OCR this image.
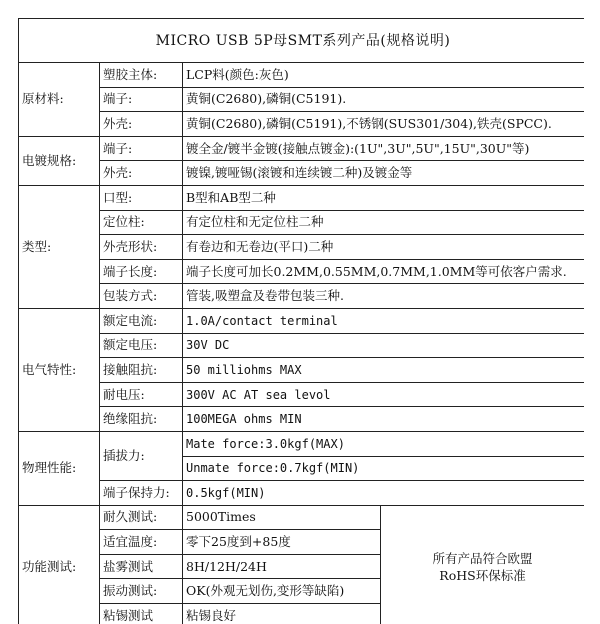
MICRO USB 5P母SMT系列产品(规格说明)			
原材料:	塑胶主体:	LCP料(颜色:灰色)	
	端子:	黄铜(C2680),磷铜(C5191).	
	外壳:	黄铜(C2680),磷铜(C5191),不锈钢(SUS301/304),铁壳(SPCC).	
电镀规格:	端子:	镀全金/镀半金镀(接触点镀金):(1U",3U",5U",15U",30U"等)	
	外壳:	镀镍,镀哑锡(滚镀和连续镀二种)及镀金等	
类型:	口型:	B型和AB型二种	
	定位柱:	有定位柱和无定位柱二种	
	外壳形状:	有卷边和无卷边(平口)二种	
	端子长度:	端子长度可加长0.2MM,0.55MM,0.7MM,1.0MM等可依客户需求.	
	包装方式:	管装,吸塑盒及卷带包装三种.	
电气特性:	额定电流:	1.0A/contact terminal	
	额定电压:	30V DC	
	接触阻抗:	50 milliohms MAX	
	耐电压:	300V AC AT sea levol	
	绝缘阻抗:	100MEGA ohms MIN	
物理性能:	插拔力:	Mate force:3.0kgf(MAX)	
		Unmate force:0.7kgf(MIN)	
	端子保持力:	0.5kgf(MIN)	
功能测试:	耐久测试:	5000Times	
	适宜温度:	零下25度到+85度	
	盐雾测试	8H/12H/24H	
	振动测试:	OK(外观无划伤,变形等缺陷)	
	粘锡测试	粘锡良好	
所有产品符合欧盟RoHS环保标准
